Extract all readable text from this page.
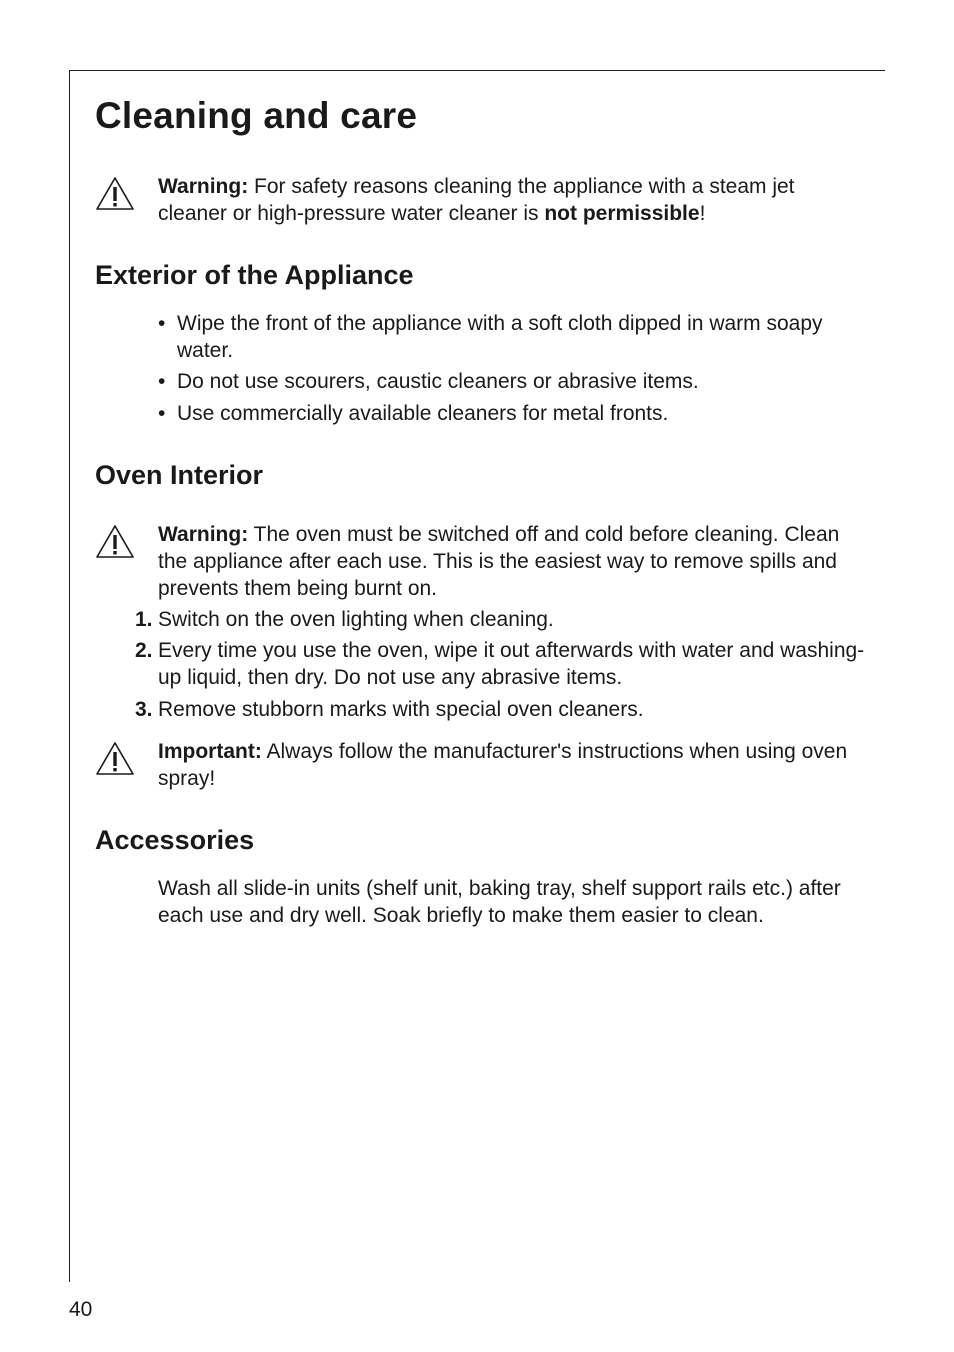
Cleaning and care

Warning: For safety reasons cleaning the appliance with a steam jet cleaner or high-pressure water cleaner is not permissible!

Exterior of the Appliance

• Wipe the front of the appliance with a soft cloth dipped in warm soapy water.

• Do not use scourers, caustic cleaners or abrasive items.

• Use commercially available cleaners for metal fronts.

Oven Interior

Warning: The oven must be switched off and cold before cleaning. Clean the appliance after each use. This is the easiest way to remove spills and prevents them being burnt on.

1. Switch on the oven lighting when cleaning.

2. Every time you use the oven, wipe it out afterwards with water and washing-up liquid, then dry. Do not use any abrasive items.

3. Remove stubborn marks with special oven cleaners.

Important: Always follow the manufacturer's instructions when using oven spray!

Accessories

Wash all slide-in units (shelf unit, baking tray, shelf support rails etc.) after each use and dry well. Soak briefly to make them easier to clean.

40
